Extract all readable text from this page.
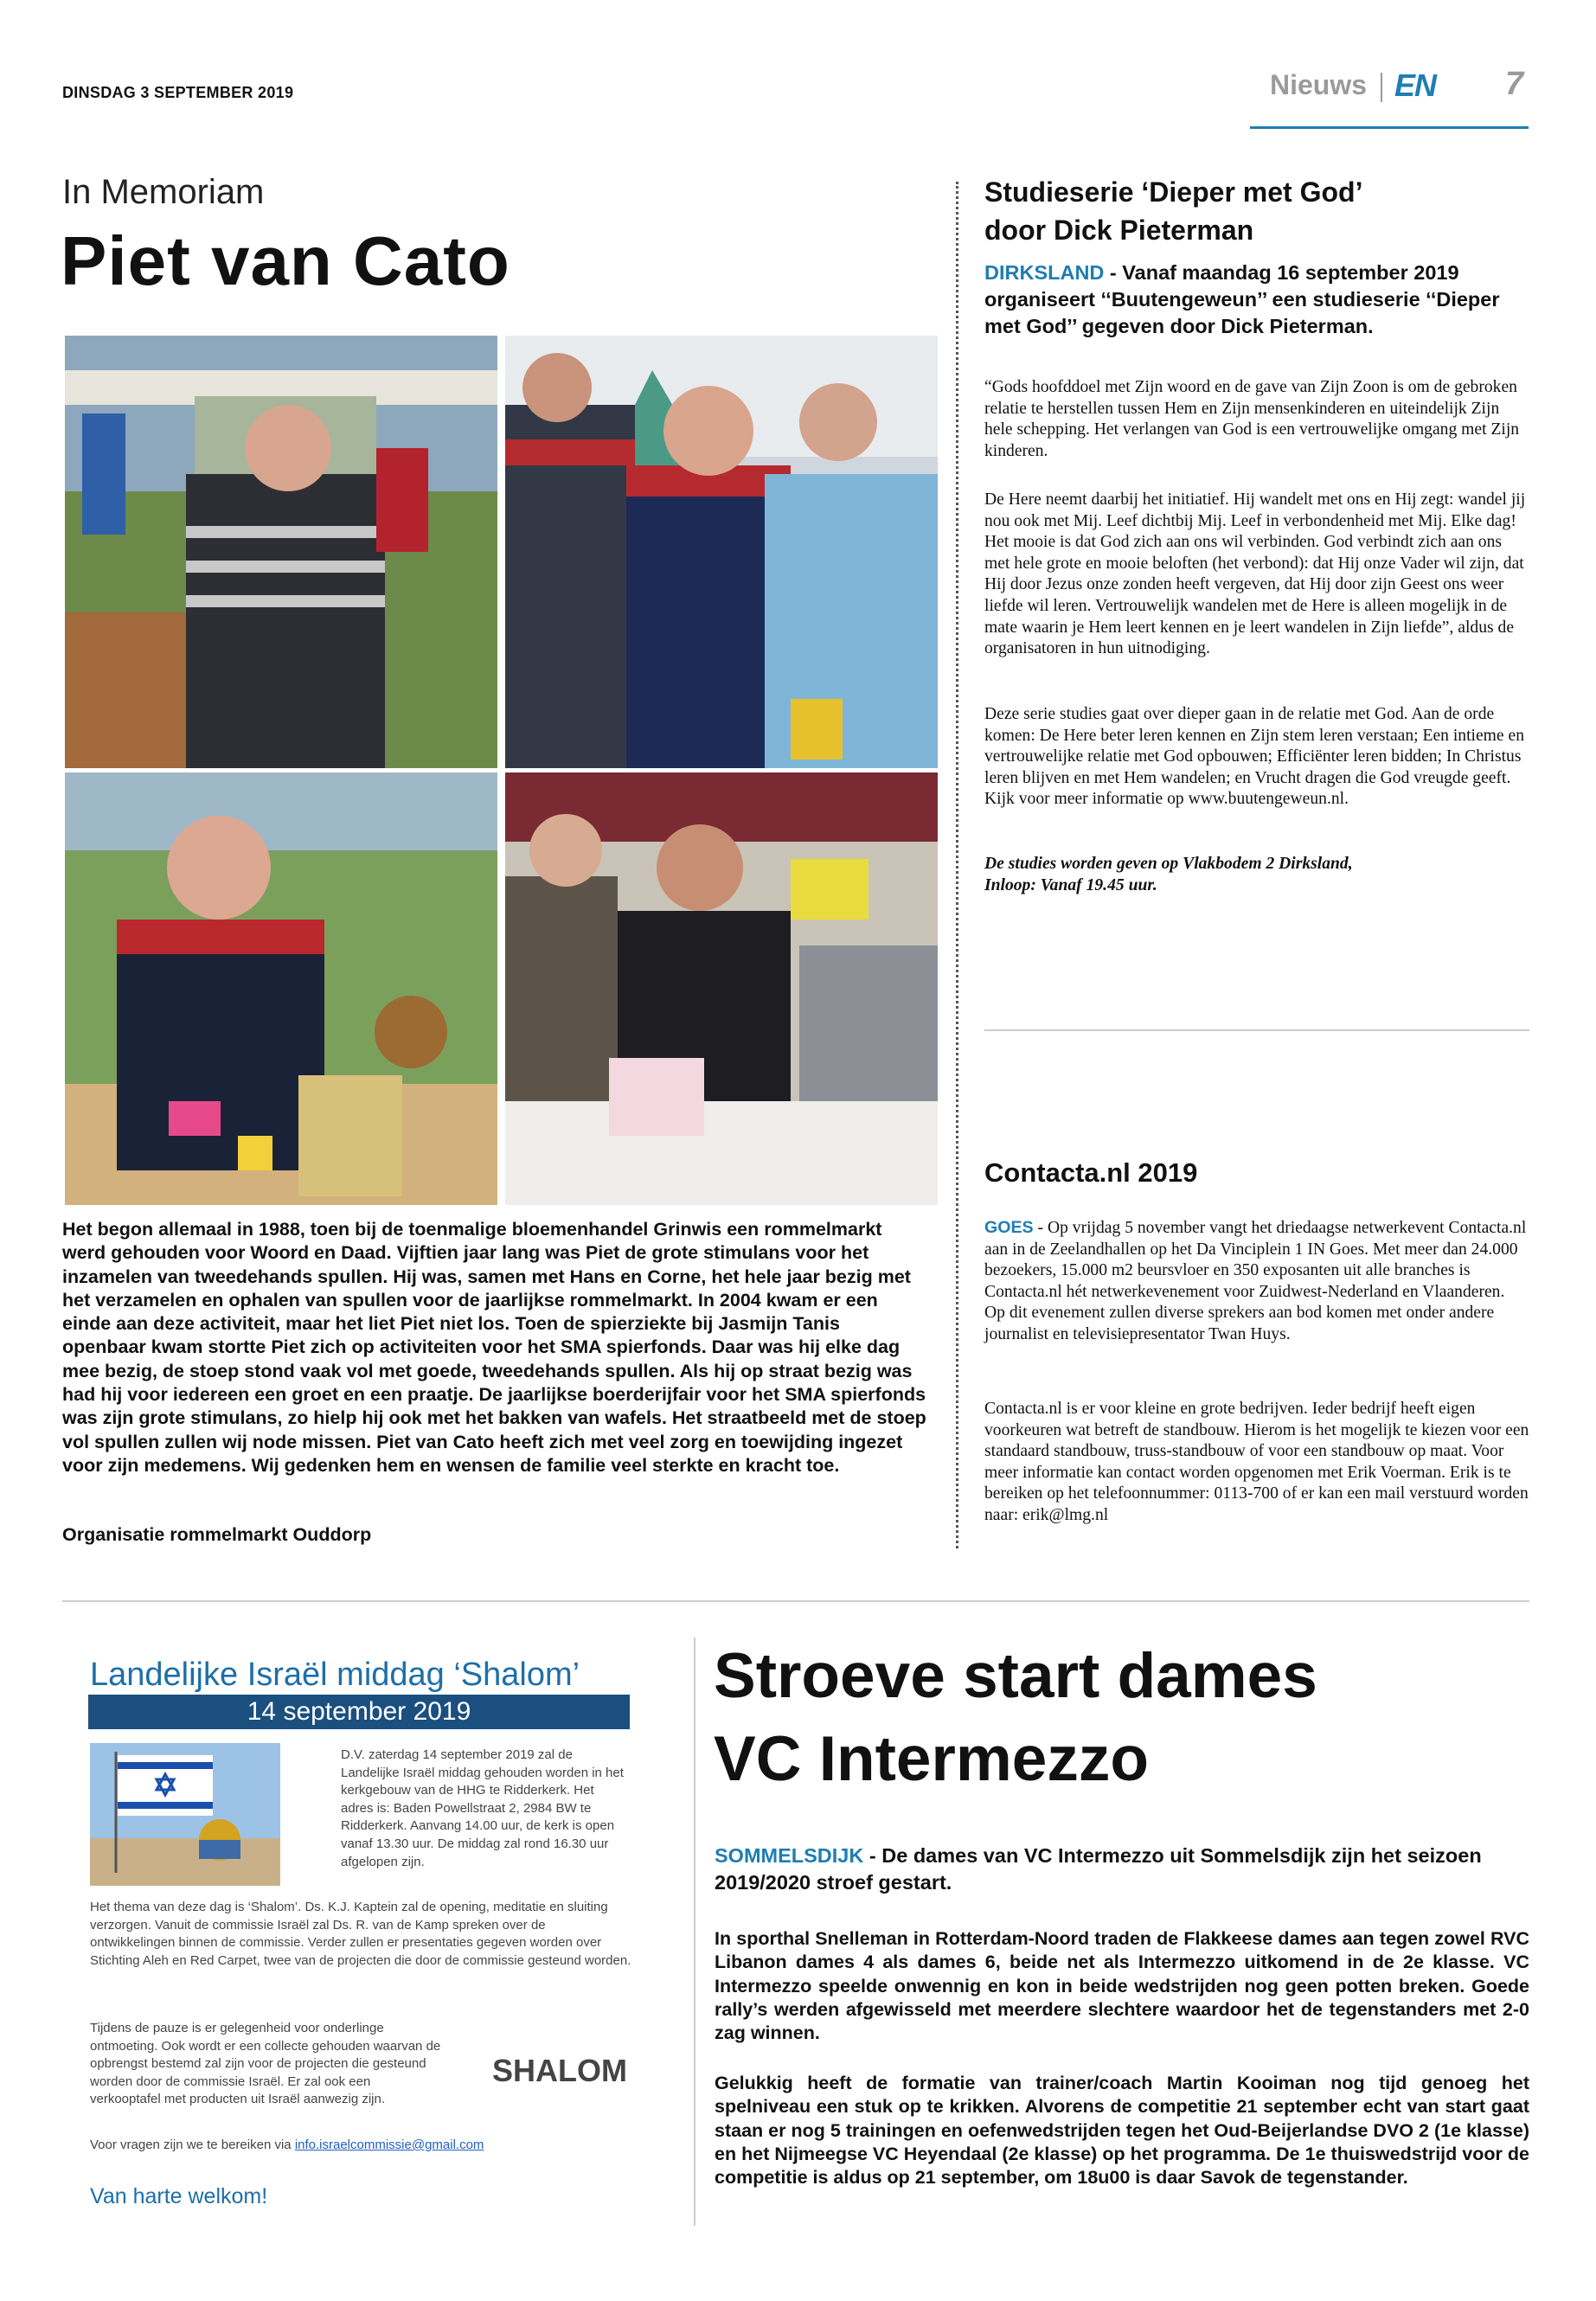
DINSDAG 3 SEPTEMBER 2019	Nieuws EN 7
In Memoriam
Piet van Cato
Het begon allemaal in 1988, toen bij de toenmalige bloemenhandel Grinwis een rommelmarkt werd gehouden voor Woord en Daad. Vijftien jaar lang was Piet de grote stimulans voor het inzamelen van tweedehands spullen. Hij was, samen met Hans en Corne, het hele jaar bezig met het verzamelen en ophalen van spullen voor de jaarlijkse rommelmarkt. In 2004 kwam er een einde aan deze activiteit, maar het liet Piet niet los. Toen de spierziekte bij Jasmijn Tanis openbaar kwam stortte Piet zich op activiteiten voor het SMA spierfonds. Daar was hij elke dag mee bezig, de stoep stond vaak vol met goede, tweedehands spullen. Als hij op straat bezig was had hij voor iedereen een groet en een praatje. De jaarlijkse boerderijfair voor het SMA spierfonds was zijn grote stimulans, zo hielp hij ook met het bakken van wafels. Het straatbeeld met de stoep vol spullen zullen wij node missen. Piet van Cato heeft zich met veel zorg en toewijding ingezet voor zijn medemens. Wij gedenken hem en wensen de familie veel sterkte en kracht toe.
Organisatie rommelmarkt Ouddorp
Studieserie ‘Dieper met God’
door Dick Pieterman
DIRKSLAND - Vanaf maandag 16 september 2019 organiseert ‘‘Buutengeweun’’ een studieserie ‘‘Dieper met God’’ gegeven door Dick Pieterman.
“Gods hoofddoel met Zijn woord en de gave van Zijn Zoon is om de gebroken relatie te herstellen tussen Hem en Zijn mensenkinderen en uiteindelijk Zijn hele schepping. Het verlangen van God is een vertrouwelijke omgang met Zijn kinderen.
De Here neemt daarbij het initiatief. Hij wandelt met ons en Hij zegt: wandel jij nou ook met Mij. Leef dichtbij Mij. Leef in verbondenheid met Mij. Elke dag! Het mooie is dat God zich aan ons wil verbinden. God verbindt zich aan ons met hele grote en mooie beloften (het verbond): dat Hij onze Vader wil zijn, dat Hij door Jezus onze zonden heeft vergeven, dat Hij door zijn Geest ons weer liefde wil leren. Vertrouwelijk wandelen met de Here is alleen mogelijk in de mate waarin je Hem leert kennen en je leert wandelen in Zijn liefde”, aldus de organisatoren in hun uitnodiging.
Deze serie studies gaat over dieper gaan in de relatie met God. Aan de orde komen: De Here beter leren kennen en Zijn stem leren verstaan; Een intieme en vertrouwelijke relatie met God opbouwen; Efficiënter leren bidden; In Christus leren blijven en met Hem wandelen; en Vrucht dragen die God vreugde geeft. Kijk voor meer informatie op www.buutengeweun.nl.
De studies worden geven op Vlakbodem 2 Dirksland,
Inloop: Vanaf 19.45 uur.
Contacta.nl 2019
GOES - Op vrijdag 5 november vangt het driedaagse netwerkevent Contacta.nl aan in de Zeelandhallen op het Da Vinciplein 1 IN Goes. Met meer dan 24.000 bezoekers, 15.000 m2 beursvloer en 350 exposanten uit alle branches is Contacta.nl hét netwerkevenement voor Zuidwest-Nederland en Vlaanderen. Op dit evenement zullen diverse sprekers aan bod komen met onder andere journalist en televisiepresentator Twan Huys.
Contacta.nl is er voor kleine en grote bedrijven. Ieder bedrijf heeft eigen voorkeuren wat betreft de standbouw. Hierom is het mogelijk te kiezen voor een standaard standbouw, truss-standbouw of voor een standbouw op maat. Voor meer informatie kan contact worden opgenomen met Erik Voerman. Erik is te bereiken op het telefoonnummer: 0113-700 of er kan een mail verstuurd worden naar: erik@lmg.nl
Landelijke Israël middag ‘Shalom’
14 september 2019
D.V. zaterdag 14 september 2019 zal de Landelijke Israël middag gehouden worden in het kerkgebouw van de HHG te Ridderkerk. Het adres is: Baden Powellstraat 2, 2984 BW te Ridderkerk. Aanvang 14.00 uur, de kerk is open vanaf 13.30 uur. De middag zal rond 16.30 uur afgelopen zijn.
Het thema van deze dag is ‘Shalom’. Ds. K.J. Kaptein zal de opening, meditatie en sluiting verzorgen. Vanuit de commissie Israël zal Ds. R. van de Kamp spreken over de ontwikkelingen binnen de commissie. Verder zullen er presentaties gegeven worden over Stichting Aleh en Red Carpet, twee van de projecten die door de commissie gesteund worden.
Tijdens de pauze is er gelegenheid voor onderlinge ontmoeting. Ook wordt er een collecte gehouden waarvan de opbrengst bestemd zal zijn voor de projecten die gesteund worden door de commissie Israël. Er zal ook een verkooptafel met producten uit Israël aanwezig zijn.
SHALOM
Voor vragen zijn we te bereiken via info.israelcommissie@gmail.com
Van harte welkom!
Stroeve start dames
VC Intermezzo
SOMMELSDIJK - De dames van VC Intermezzo uit Sommelsdijk zijn het seizoen 2019/2020 stroef gestart.
In sporthal Snelleman in Rotterdam-Noord traden de Flakkeese dames aan tegen zowel RVC Libanon dames 4 als dames 6, beide net als Intermezzo uitkomend in de 2e klasse. VC Intermezzo speelde onwennig en kon in beide wedstrijden nog geen potten breken. Goede rally’s werden afgewisseld met meerdere slechtere waardoor het de tegenstanders met 2-0 zag winnen.
Gelukkig heeft de formatie van trainer/coach Martin Kooiman nog tijd genoeg het spelniveau een stuk op te krikken. Alvorens de competitie 21 september echt van start gaat staan er nog 5 trainingen en oefenwedstrijden tegen het Oud-Beijerlandse DVO 2 (1e klasse) en het Nijmeegse VC Heyendaal (2e klasse) op het programma. De 1e thuiswedstrijd voor de competitie is aldus op 21 september, om 18u00 is daar Savok de tegenstander.
